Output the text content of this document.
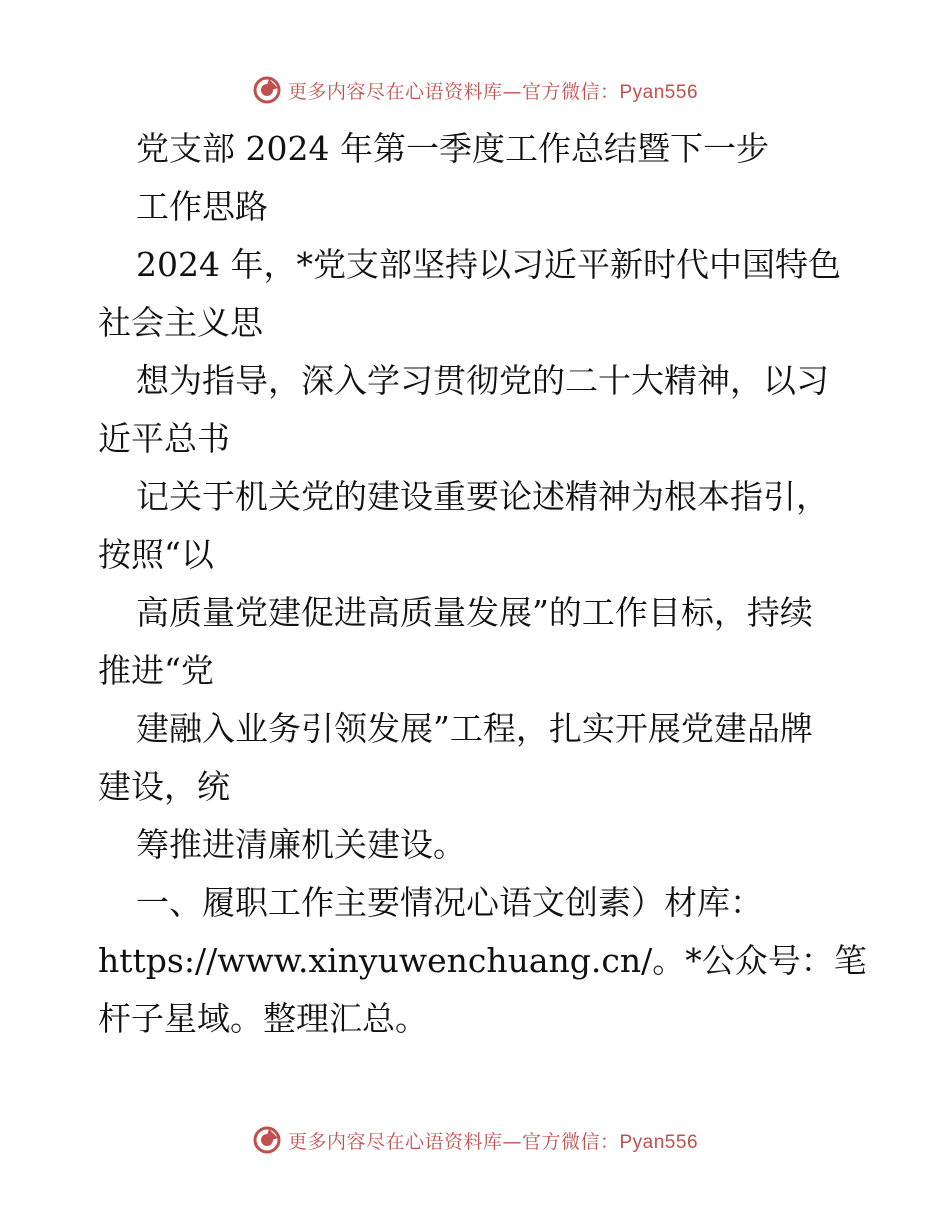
更多内容尽在心语资料库—官方微信：Pyan556
党支部 2024 年第一季度工作总结暨下一步
工作思路
2024 年，*党支部坚持以习近平新时代中国特色
社会主义思
想为指导，深入学习贯彻党的二十大精神，以习
近平总书
记关于机关党的建设重要论述精神为根本指引，
按照“以
高质量党建促进高质量发展”的工作目标，持续
推进“党
建融入业务引领发展”工程，扎实开展党建品牌
建设，统
筹推进清廉机关建设。
一、履职工作主要情况心语文创素）材库：
https://www.xinyuwenchuang.cn/。*公众号：笔
杆子星域。整理汇总。
更多内容尽在心语资料库—官方微信：Pyan556
